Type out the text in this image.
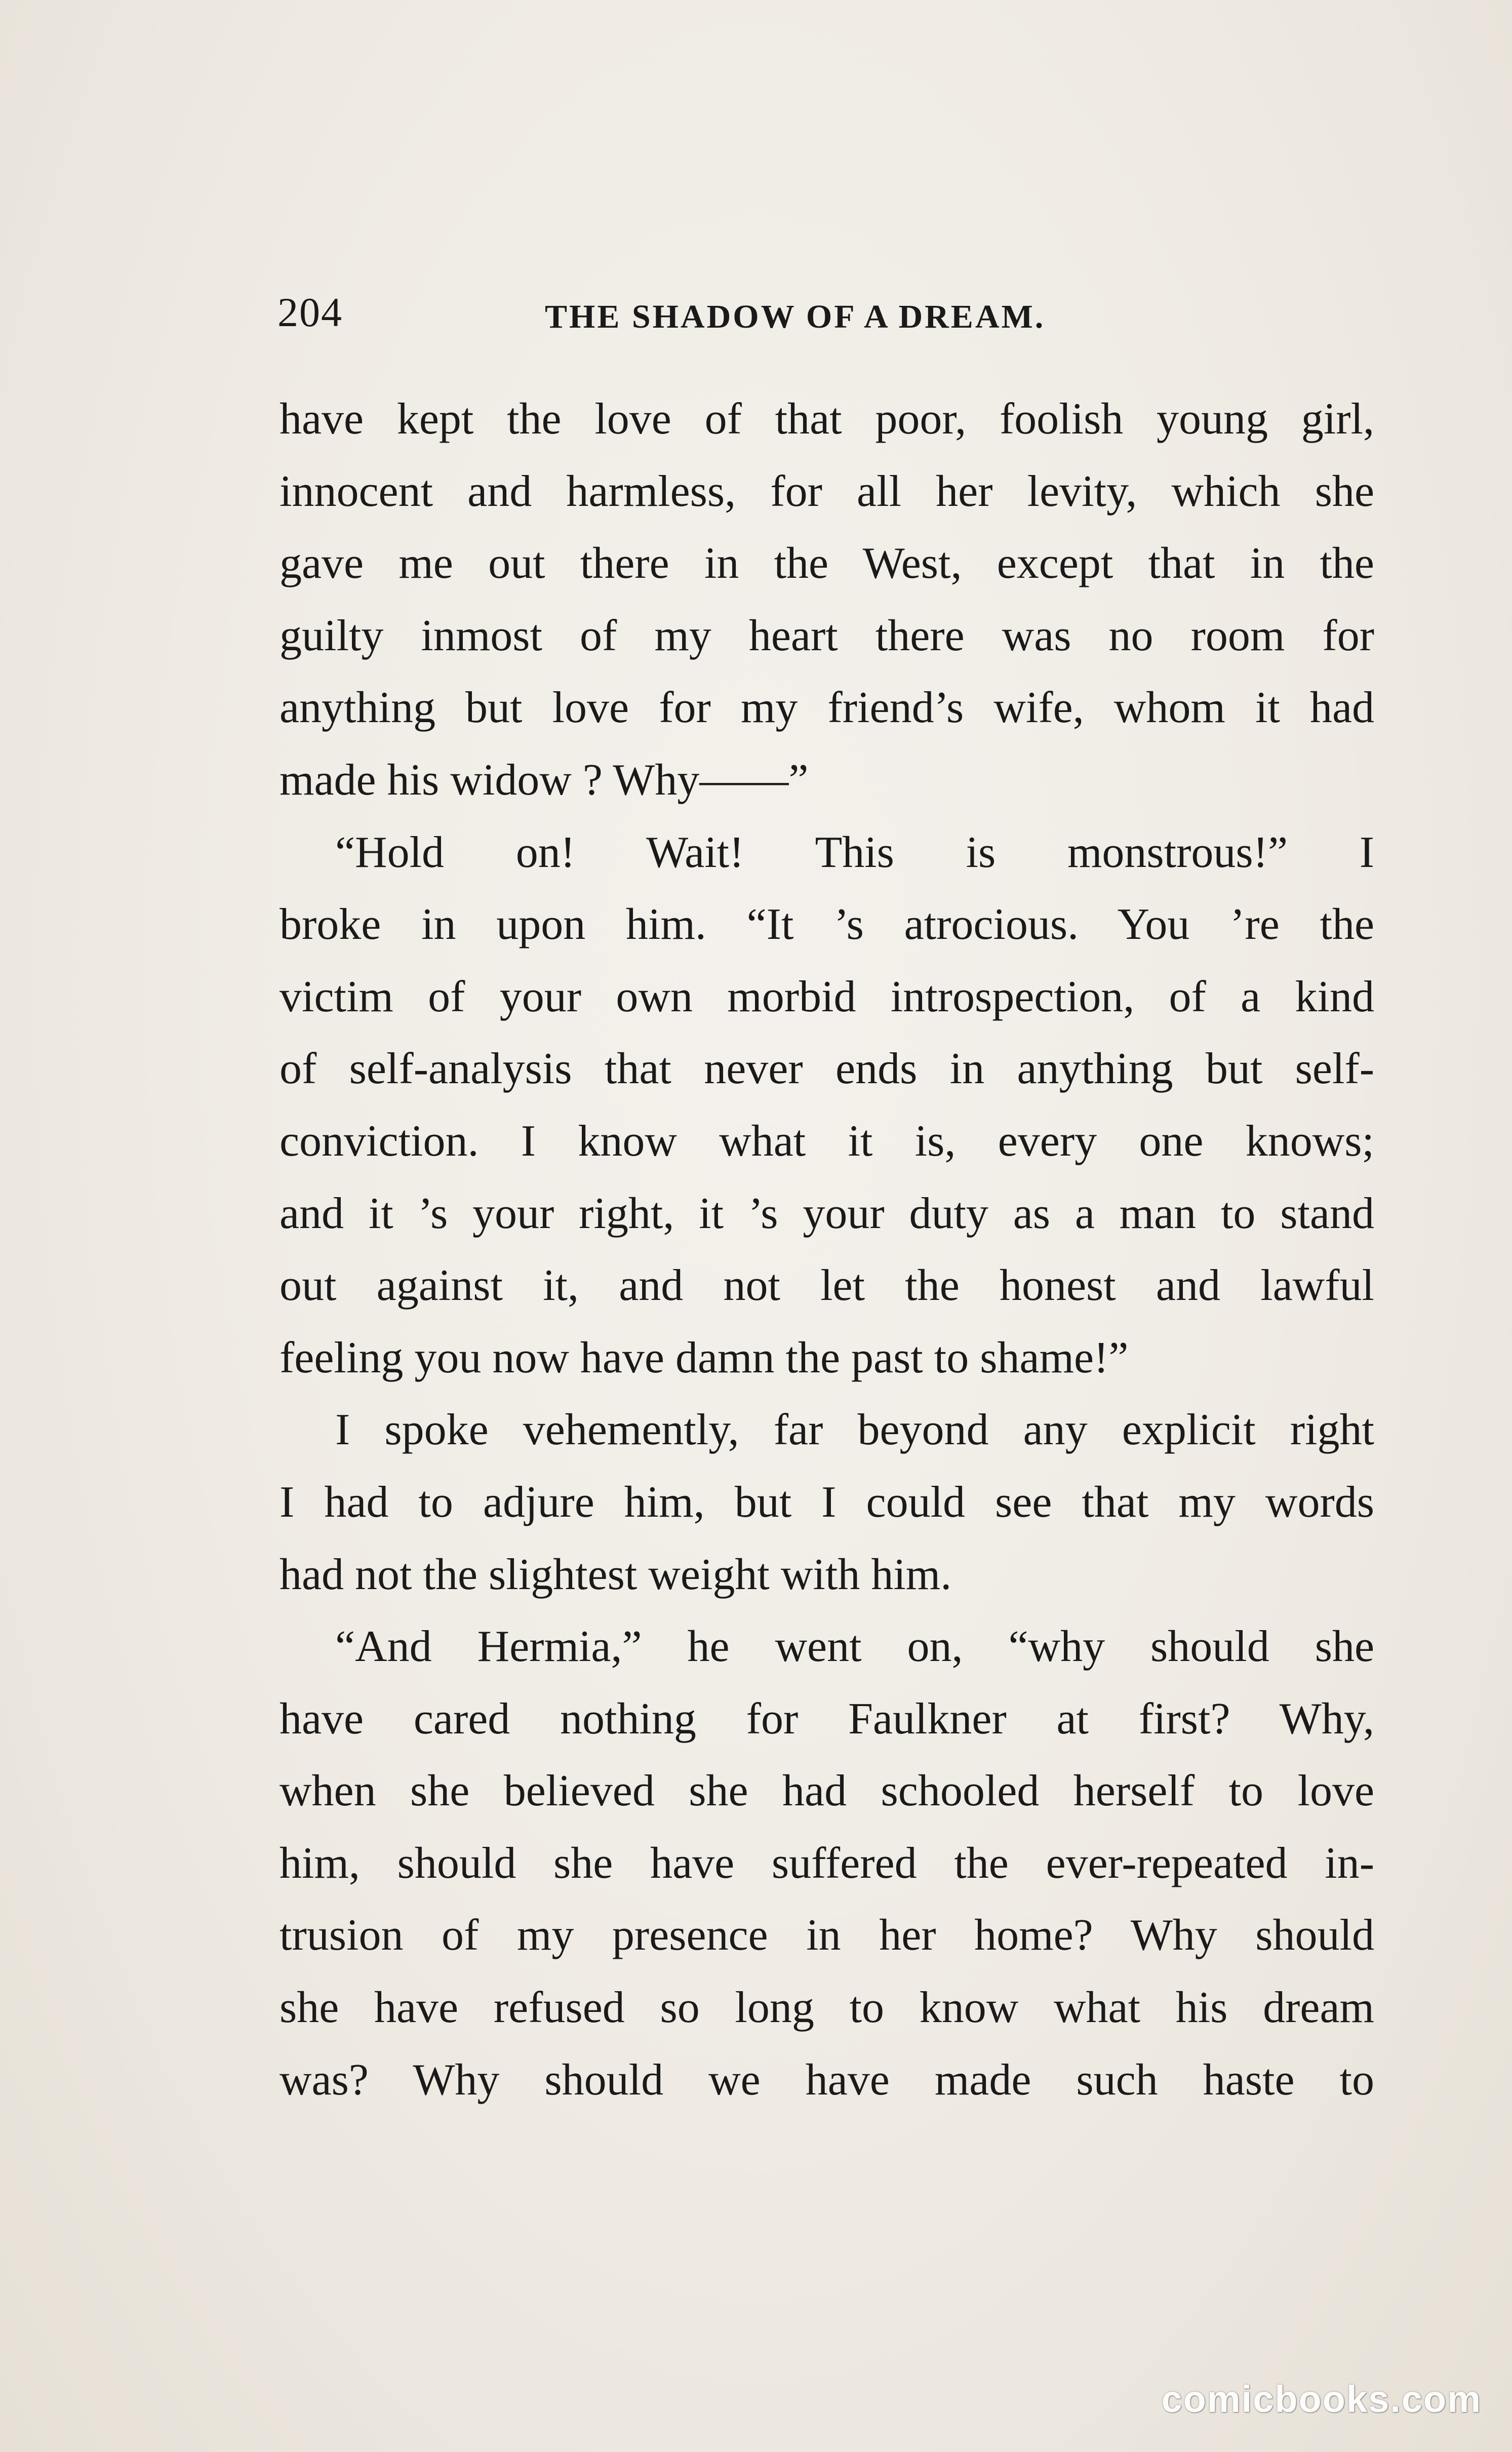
204	THE SHADOW OF A DREAM.
have kept the love of that poor, foolish young girl,
innocent and harmless, for all her levity, which she
gave me out there in the West, except that in the
guilty inmost of my heart there was no room for
anything but love for my friend’s wife, whom it had
made his widow ? Why——”
“Hold on! Wait! This is monstrous!” I
broke in upon him. “It ’s atrocious. You ’re the
victim of your own morbid introspection, of a kind
of self-analysis that never ends in anything but self-
conviction. I know what it is, every one knows;
and it ’s your right, it ’s your duty as a man to stand
out against it, and not let the honest and lawful
feeling you now have damn the past to shame!”
I spoke vehemently, far beyond any explicit right
I had to adjure him, but I could see that my words
had not the slightest weight with him.
“And Hermia,” he went on, “why should she
have cared nothing for Faulkner at first? Why,
when she believed she had schooled herself to love
him, should she have suffered the ever-repeated in-
trusion of my presence in her home? Why should
she have refused so long to know what his dream
was? Why should we have made such haste to
comicbooks.com
